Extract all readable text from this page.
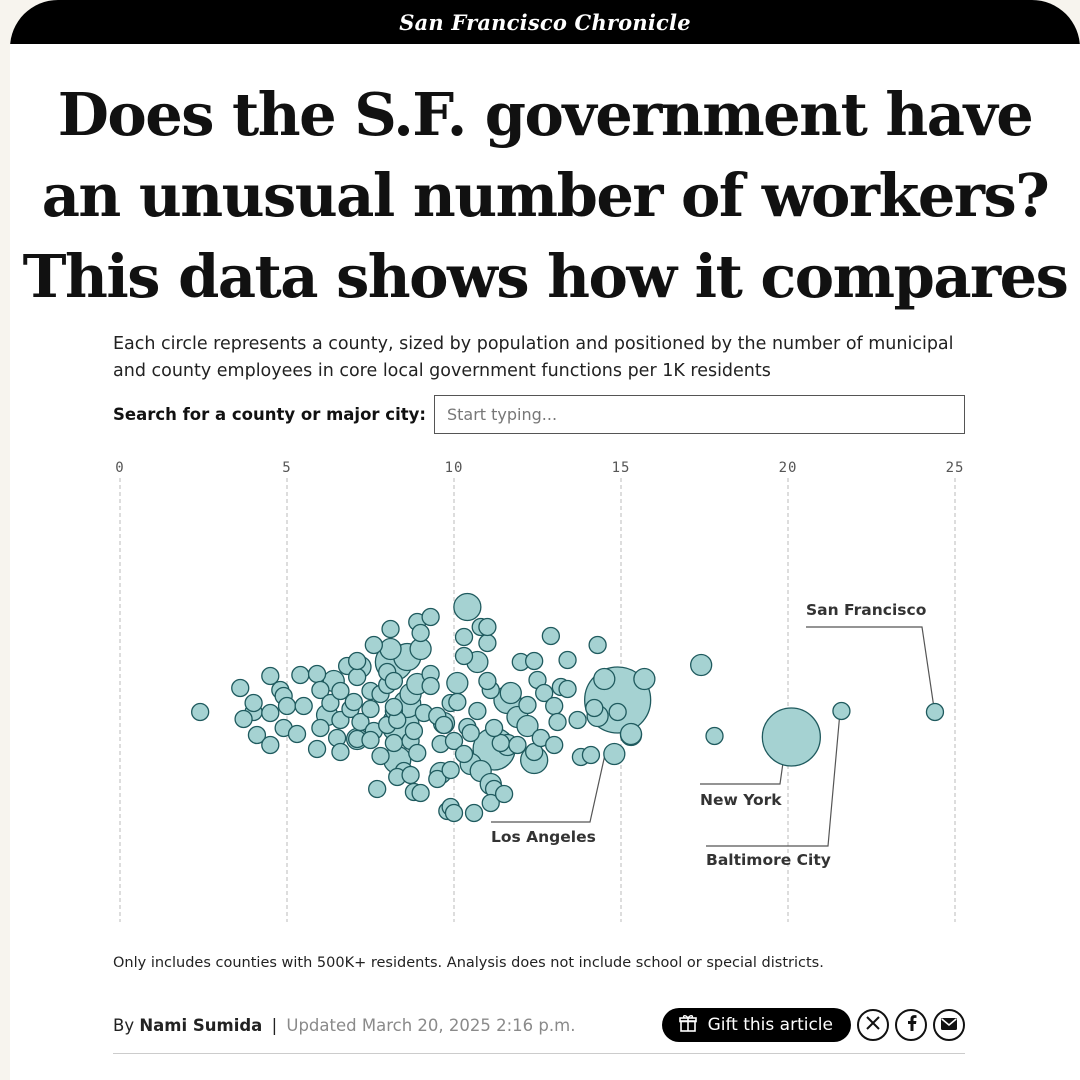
San Francisco Chronicle
Does the S.F. government have an unusual number of workers? This data shows how it compares

Each circle represents a county, sized by population and positioned by the number of municipal and county employees in core local government functions per 1K residents

Search for a county or major city:
Start typing...
0	5	10	15	20	25
San Francisco
Los Angeles
New York
Baltimore City

Only includes counties with 500K+ residents. Analysis does not include school or special districts.

By Nami Sumida | Updated March 20, 2025 2:16 p.m.	Gift this article
